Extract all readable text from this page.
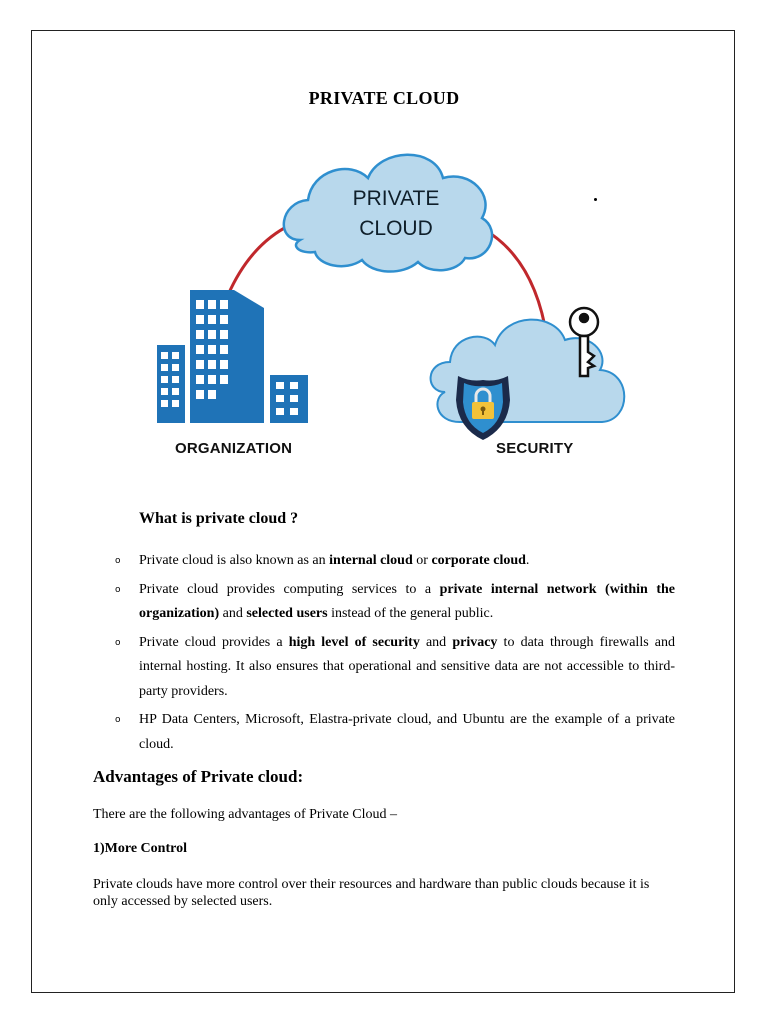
PRIVATE CLOUD
PRIVATE
CLOUD
ORGANIZATION	SECURITY
What is private cloud ?
o Private cloud is also known as an internal cloud or corporate cloud.
o Private cloud provides computing services to a private internal network (within the organization) and selected users instead of the general public.
o Private cloud provides a high level of security and privacy to data through firewalls and internal hosting. It also ensures that operational and sensitive data are not accessible to third-party providers.
o HP Data Centers, Microsoft, Elastra-private cloud, and Ubuntu are the example of a private cloud.
Advantages of Private cloud:
There are the following advantages of Private Cloud –
1)More Control
Private clouds have more control over their resources and hardware than public clouds because it is only accessed by selected users.
